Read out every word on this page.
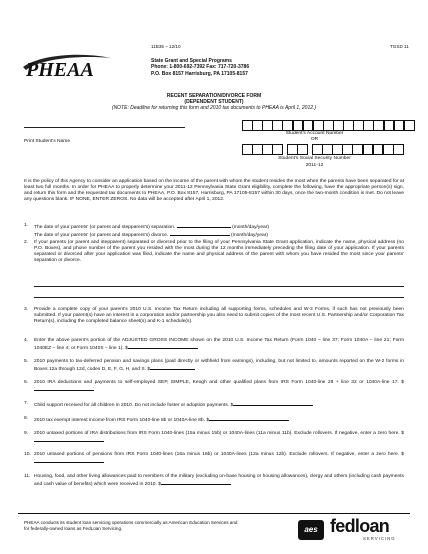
PHEAA
11B35 – 12/10	TGSD 11
State Grant and Special Programs
Phone: 1-800-692-7392 Fax: 717-720-3786
P.O. Box 8157 Harrisburg, PA 17105-8157
RECENT SEPARATION/DIVORCE FORM
(DEPENDENT STUDENT)
(NOTE: Deadline for returning this form and 2010 tax documents to PHEAA is April 1, 2012.)
Print Student's Name
Student's Account Number
OR
Student's Social Security Number
2011-12
It is the policy of this Agency to consider an application based on the income of the parent with whom the student resides the most when the parents have been separated for at least two full months. In order for PHEAA to properly determine your 2011-12 Pennsylvania State Grant eligibility, complete the following, have the appropriate person(s) sign, and return this form and the requested tax documents to PHEAA, P.O. Box 8157, Harrisburg, PA 17105-8157 within 30 days, once the two-month condition is met. Do not leave any questions blank. IF NONE, ENTER ZEROS. No data will be accepted after April 1, 2012.
1.	The date of your parents' (or parent and stepparent's) separation.	(month/day/year)
The date of your parents' (or parent and stepparent's) divorce.	(month/day/year)
2.	If your parents (or parent and stepparent) separated or divorced prior to the filing of your Pennsylvania State Grant application, indicate the name, physical address (no P.O. Boxes), and phone number of the parent you resided with the most during the 12 months immediately preceding the filing date of your application. If your parents separated or divorced after your application was filed, indicate the name and physical address of the parent with whom you have resided the most since your parents' separation or divorce.
3.	Provide a complete copy of your parent's 2010 U.S. Income Tax Return including all supporting forms, schedules and W-2 Forms, if such has not previously been submitted. If your parent(s) have an interest in a corporation and/or partnership you also need to submit copies of the most recent U.S. Partnership and/or Corporation Tax Return(s), including the completed balance sheet(s) and K-1 schedule(s).
4.	Enter the above parent's portion of the ADJUSTED GROSS INCOME shown on the 2010 U.S. Income Tax Return (Form 1040 – line 37; Form 1040A – line 21; Form 1040EZ – line 4; or Form 1040X – line 1). $
5.	2010 payments to tax-deferred pension and savings plans (paid directly or withheld from earnings), including, but not limited to, amounts reported on the W-2 forms in Boxes 12a through 12d, codes D, E, F, G, H, and S. $
6.	2010 IRA deductions and payments to self-employed SEP, SIMPLE, Keogh and other qualified plans from IRS Form 1040-line 28 + line 32 or 1040A-line 17. $
7.	Child support received for all children in 2010. Do not include foster or adoption payments. $
8.	2010 tax exempt interest income from IRS Form 1040-line 8b or 1040A-line 8b. $
9.	2010 untaxed portions of IRA distributions from IRS Form 1040-lines (15a minus 15b) or 1040A-lines (11a minus 11b). Exclude rollovers. If negative, enter a zero here. $
10. 2010 untaxed portions of pensions from IRS Form 1040-lines (16a minus 16b) or 1040A-lines (12a minus 12b). Exclude rollovers. If negative, enter a zero here. $
11. Housing, food, and other living allowances paid to members of the military (excluding on-base housing or housing allowances), clergy and others (including cash payments and cash value of benefits) which were received in 2010. $
PHEAA conducts its student loan servicing operations commercially as American Education Services and for federally-owned loans as FedLoan Servicing.	aes fedloan
SERVICING
